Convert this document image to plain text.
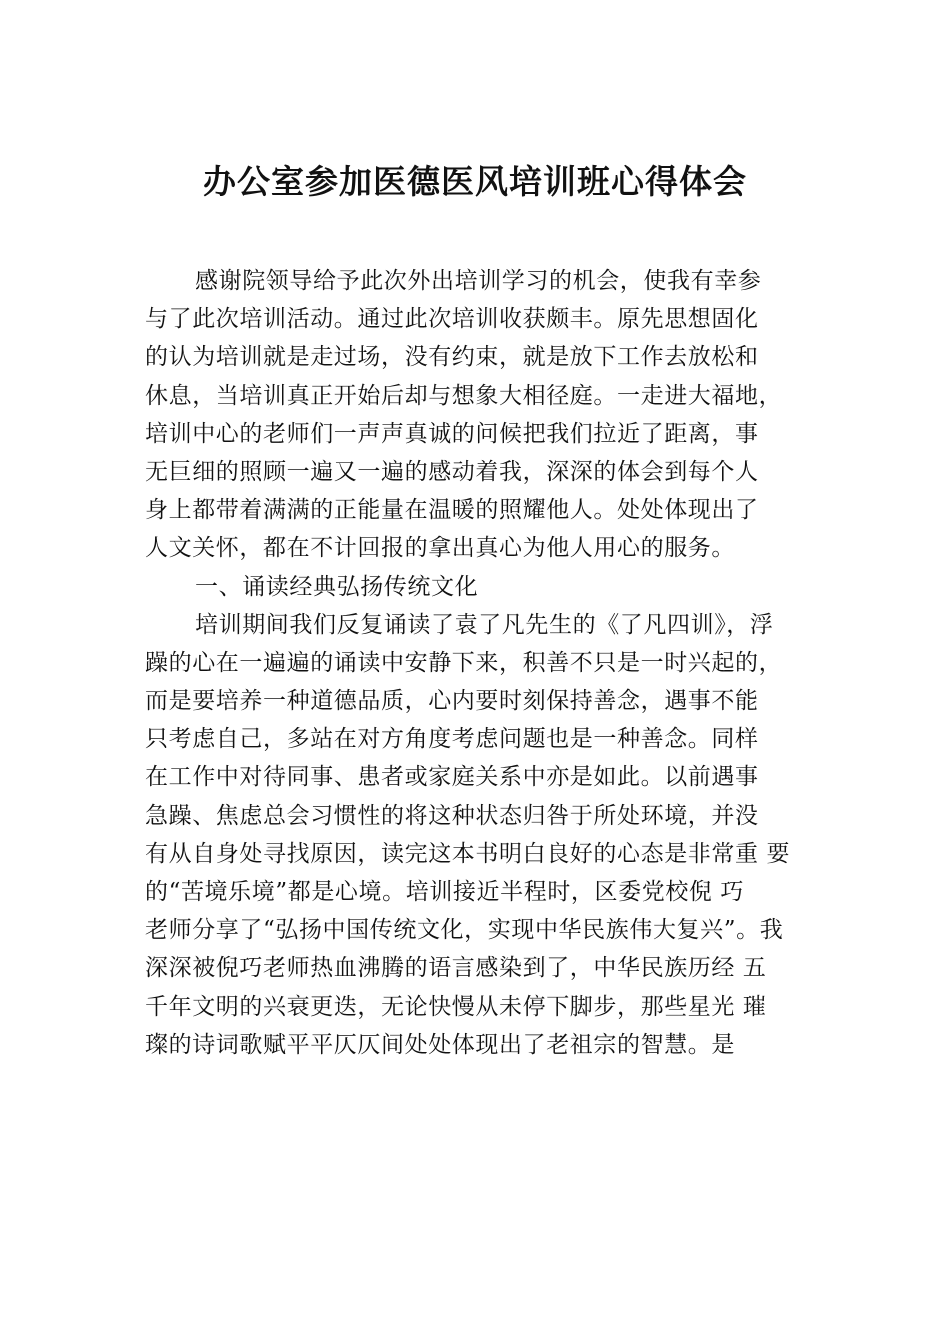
办公室参加医德医风培训班心得体会
感谢院领导给予此次外出培训学习的机会，使我有幸参
与了此次培训活动。通过此次培训收获颇丰。原先思想固化
的认为培训就是走过场，没有约束，就是放下工作去放松和
休息，当培训真正开始后却与想象大相径庭。一走进大福地，
培训中心的老师们一声声真诚的问候把我们拉近了距离，事
无巨细的照顾一遍又一遍的感动着我，深深的体会到每个人
身上都带着满满的正能量在温暖的照耀他人。处处体现出了
人文关怀，都在不计回报的拿出真心为他人用心的服务。
一、诵读经典弘扬传统文化
培训期间我们反复诵读了袁了凡先生的《了凡四训》，浮
躁的心在一遍遍的诵读中安静下来，积善不只是一时兴起的，
而是要培养一种道德品质，心内要时刻保持善念，遇事不能
只考虑自己，多站在对方角度考虑问题也是一种善念。同样
在工作中对待同事、患者或家庭关系中亦是如此。以前遇事
急躁、焦虑总会习惯性的将这种状态归咎于所处环境，并没
有从自身处寻找原因，读完这本书明白良好的心态是非常重 要
的“苦境乐境”都是心境。培训接近半程时，区委党校倪 巧
老师分享了“弘扬中国传统文化，实现中华民族伟大复兴”。我
深深被倪巧老师热血沸腾的语言感染到了，中华民族历经 五
千年文明的兴衰更迭，无论快慢从未停下脚步，那些星光 璀
璨的诗词歌赋平平仄仄间处处体现出了老祖宗的智慧。是
